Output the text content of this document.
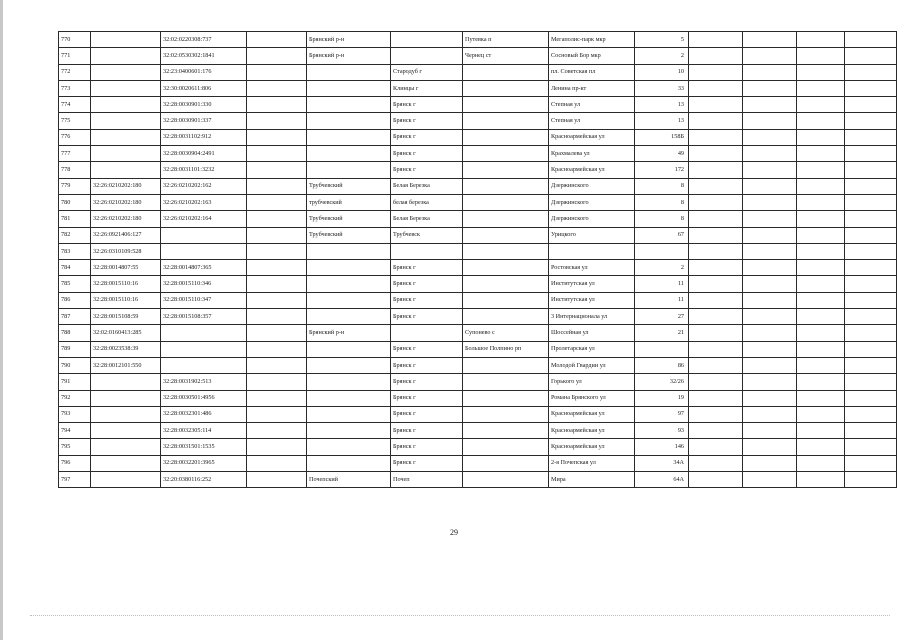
770		32:02:0220308:737		Брянский р-н		Путевка п	Мегаполис-парк мкр	5				
771		32:02:0530302:1841		Брянский р-н		Чернец ст	Сосновый Бор мкр	2				
772		32:23:0400601:176			Стародуб г		пл. Советская пл	10				
773		32:30:0020611:806			Клинцы г		Ленина пр-кт	33				
774		32:28:0030901:330			Брянск г		Степная ул	13				
775		32:28:0030901:337			Брянск г		Степная ул	13				
776		32:28:0031102:912			Брянск г		Красноармейская ул	158Б				
777		32:28:0030904:2491			Брянск г		Крахмалева ул	49				
778		32:28:0031101:3232			Брянск г		Красноармейская ул	172				
779	32:26:0210202:180	32:26:0210202:162		Трубчевский	Белая Березка		Дзержинского	8				
780	32:26:0210202:180	32:26:0210202:163		трубчевский	белая березка		Дзержинского	8				
781	32:26:0210202:180	32:26:0210202:164		Трубчевский	Белая Березка		Дзержинского	8				
782	32:26:0921406:127			Трубчевский	Трубчевск		Урицкого	67				
783	32:26:0310109:528											
784	32:28:0014807:55	32:28:0014807:365			Брянск г		Ростовская ул	2				
785	32:28:0015110:16	32:28:0015110:346			Брянск г		Институтская ул	11				
786	32:28:0015110:16	32:28:0015110:347			Брянск г		Институтская ул	11				
787	32:28:0015108:59	32:28:0015108:357			Брянск г		3 Интернационала ул	27				
788	32:02:0160413:285			Брянский р-н		Супонево с	Шоссейная ул	21				
789	32:28:0023538:39				Брянск г	Большое Полпино рп	Пролетарская ул					
790	32:28:0012101:550				Брянск г		Молодой Гвардии ул	86				
791		32:28:0031902:513			Брянск г		Горького ул	32/26				
792		32:28:0030501:4956			Брянск г		Романа Брянского ул	19				
793		32:28:0032301:486			Брянск г		Красноармейская ул	97				
794		32:28:0032305:114			Брянск г		Красноармейская ул	93				
795		32:28:0031501:1535			Брянск г		Красноармейская ул	146				
796		32:28:0032201:3965			Брянск г		2-я Почепская ул	34А				
797		32:20:0380116:252		Почепский	Почеп		Мира	64А				
29
